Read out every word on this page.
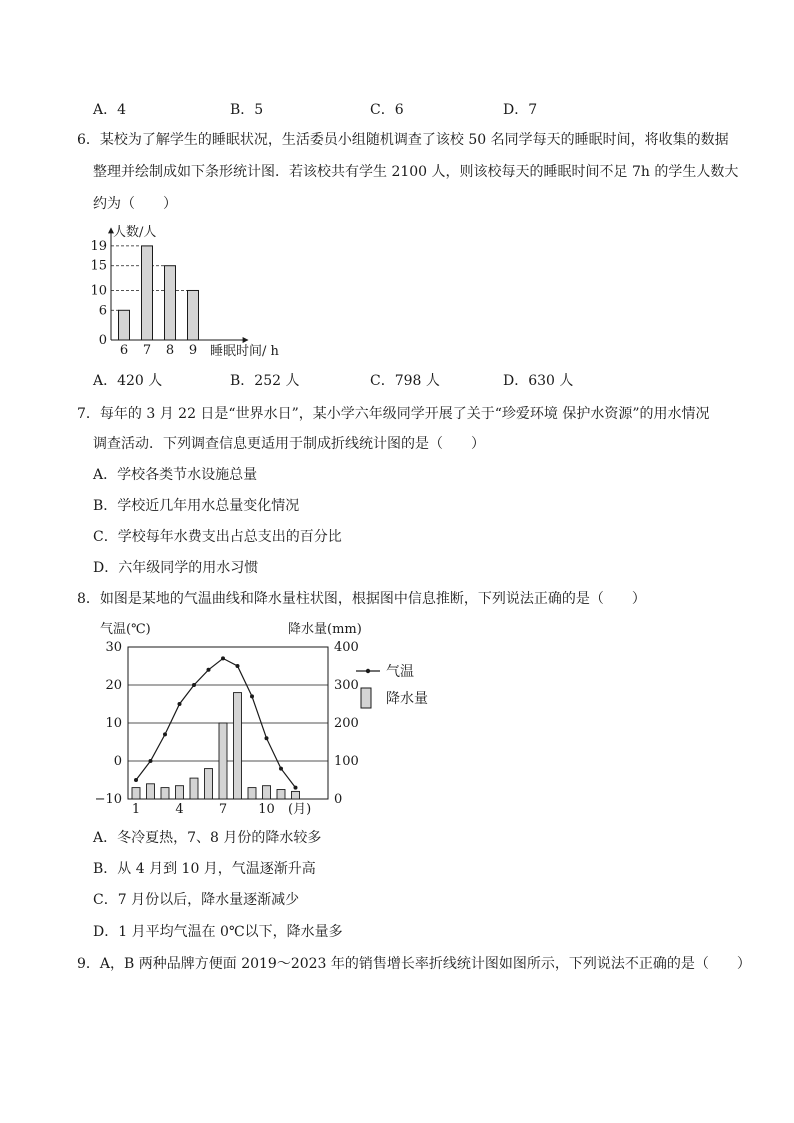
A．4	B．5	C．6	D．7
6．某校为了解学生的睡眠状况，生活委员小组随机调查了该校 50 名同学每天的睡眠时间，将收集的数据
整理并绘制成如下条形统计图．若该校共有学生 2100 人，则该校每天的睡眠时间不足 7h 的学生人数大
约为（　　）
0
6
10
15
19
6 7 8 9
人数/人
睡眠时间/ h
A．420 人	B．252 人	C．798 人	D．630 人
7．每年的 3 月 22 日是“世界水日”，某小学六年级同学开展了关于“珍爱环境 保护水资源”的用水情况
调查活动．下列调查信息更适用于制成折线统计图的是（　　）
A．学校各类节水设施总量
B．学校近几年用水总量变化情况
C．学校每年水费支出占总支出的百分比
D．六年级同学的用水习惯
8．如图是某地的气温曲线和降水量柱状图，根据图中信息推断，下列说法正确的是（　　）
30
20
10
0
−10
400
300
200
100
0
1	4	7 10
气温(℃)	降水量(mm)
(月)
气温
降水量
A．冬冷夏热，7、8 月份的降水较多
B．从 4 月到 10 月，气温逐渐升高
C．7 月份以后，降水量逐渐减少
D．1 月平均气温在 0℃以下，降水量多
9．A，B 两种品牌方便面 2019～2023 年的销售增长率折线统计图如图所示，下列说法不正确的是（　　）
